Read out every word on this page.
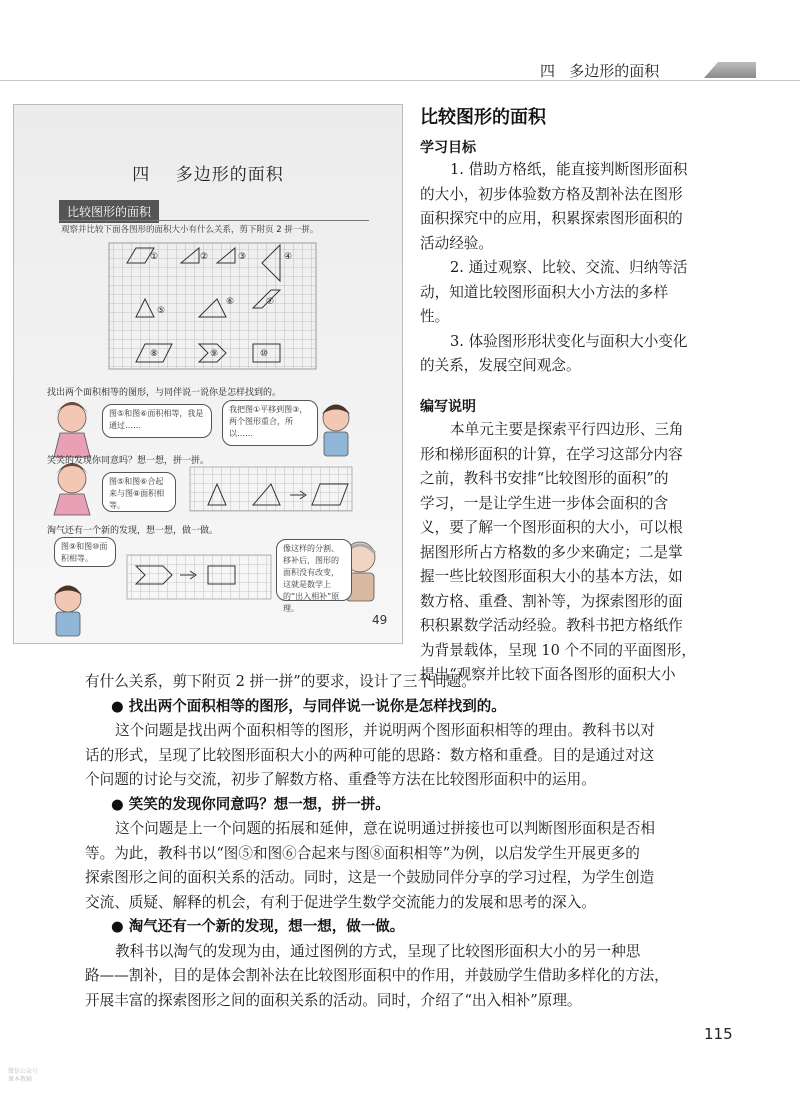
四   多边形的面积
四    多边形的面积
比较图形的面积
观察并比较下面各图形的面积大小有什么关系，剪下附页 2 拼一拼。
①	②	③	④
⑤
⑥	⑦
⑧	⑨	⑩
找出两个面积相等的图形，与同伴说一说你是怎样找到的。
图⑤和图⑥面积相等，我是通过……
我把图①平移到图③，两个图形重合，所以……
笑笑的发现你同意吗？想一想，拼一拼。
图⑤和图⑥合起来与图⑧面积相等。
淘气还有一个新的发现，想一想，做一做。
图⑨和图⑩面积相等。
像这样的分割、移补后，图形的面积没有改变，这就是数学上的“出入相补”原理。
49
比较图形的面积
学习目标
1. 借助方格纸，能直接判断图形面积
的大小，初步体验数方格及割补法在图形
面积探究中的应用，积累探索图形面积的
活动经验。
2. 通过观察、比较、交流、归纳等活
动，知道比较图形面积大小方法的多样
性。
3. 体验图形形状变化与面积大小变化
的关系，发展空间观念。
编写说明
本单元主要是探索平行四边形、三角
形和梯形面积的计算，在学习这部分内容
之前，教科书安排“比较图形的面积”的
学习，一是让学生进一步体会面积的含
义，要了解一个图形面积的大小，可以根
据图形所占方格数的多少来确定；二是掌
握一些比较图形面积大小的基本方法，如
数方格、重叠、割补等，为探索图形的面
积积累数学活动经验。教科书把方格纸作
为背景载体，呈现 10 个不同的平面图形，
提出“观察并比较下面各图形的面积大小
有什么关系，剪下附页 2 拼一拼”的要求，设计了三个问题。
● 找出两个面积相等的图形，与同伴说一说你是怎样找到的。
这个问题是找出两个面积相等的图形，并说明两个图形面积相等的理由。教科书以对
话的形式，呈现了比较图形面积大小的两种可能的思路：数方格和重叠。目的是通过对这
个问题的讨论与交流，初步了解数方格、重叠等方法在比较图形面积中的运用。
● 笑笑的发现你同意吗？想一想，拼一拼。
这个问题是上一个问题的拓展和延伸，意在说明通过拼接也可以判断图形面积是否相
等。为此，教科书以“图⑤和图⑥合起来与图⑧面积相等”为例，以启发学生开展更多的
探索图形之间的面积关系的活动。同时，这是一个鼓励同伴分享的学习过程，为学生创造
交流、质疑、解释的机会，有利于促进学生数学交流能力的发展和思考的深入。
● 淘气还有一个新的发现，想一想，做一做。
教科书以淘气的发现为由，通过图例的方式，呈现了比较图形面积大小的另一种思
路——割补，目的是体会割补法在比较图形面积中的作用，并鼓励学生借助多样化的方法，
开展丰富的探索图形之间的面积关系的活动。同时，介绍了“出入相补”原理。
115
微信公众号
课本教辅
